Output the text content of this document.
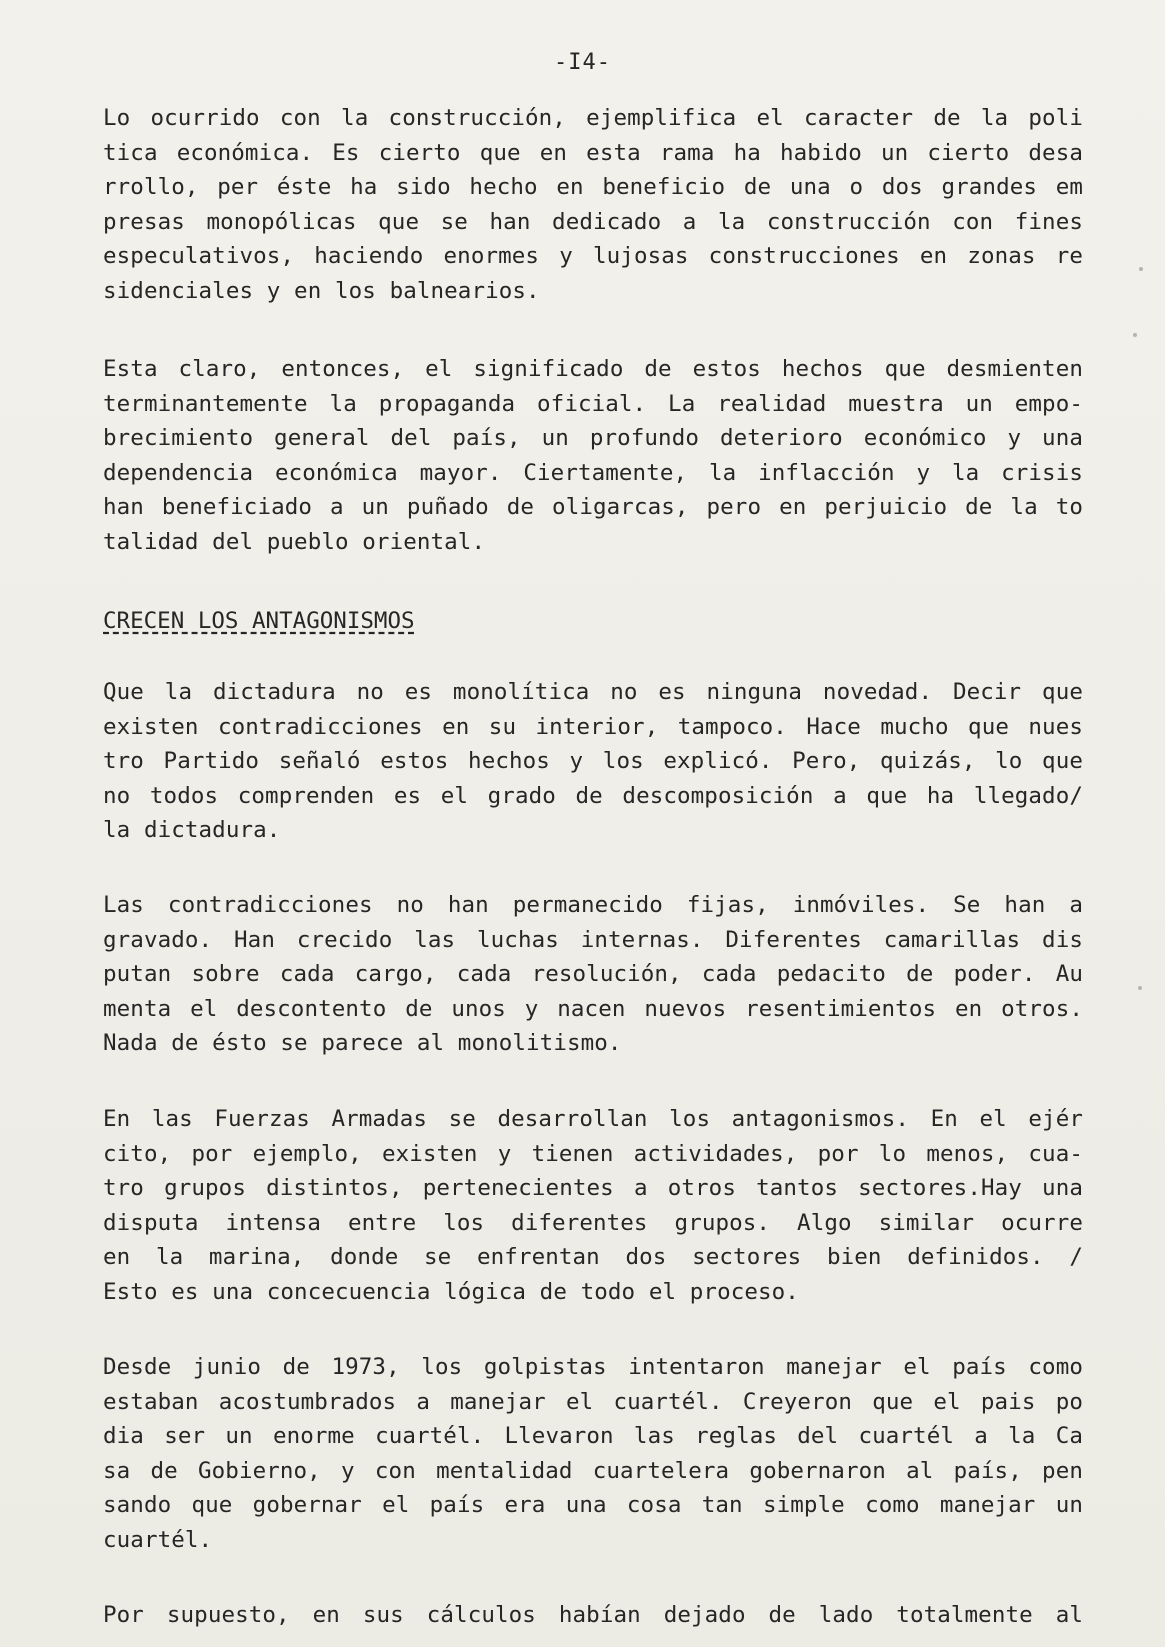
-I4-
Lo ocurrido con la construcción, ejemplifica el caracter de la poli
tica económica. Es cierto que en esta rama ha habido un cierto desa
rrollo, per éste ha sido hecho en beneficio de una o dos grandes em
presas monopólicas que se han dedicado a la construcción con fines
especulativos, haciendo enormes y lujosas construcciones en zonas re
sidenciales y en los balnearios.
Esta claro, entonces, el significado de estos hechos que desmienten
terminantemente la propaganda oficial. La realidad muestra un empo-
brecimiento general del país, un profundo deterioro económico y una
dependencia económica mayor. Ciertamente, la inflacción y la crisis
han beneficiado a un puñado de oligarcas, pero en perjuicio de la to
talidad del pueblo oriental.
CRECEN LOS ANTAGONISMOS
Que la dictadura no es monolítica no es ninguna novedad. Decir que
existen contradicciones en su interior, tampoco. Hace mucho que nues
tro Partido señaló estos hechos y los explicó. Pero, quizás, lo que
no todos comprenden es el grado de descomposición a que ha llegado/
la dictadura.
Las contradicciones no han permanecido fijas, inmóviles. Se han a
gravado. Han crecido las luchas internas. Diferentes camarillas dis
putan sobre cada cargo, cada resolución, cada pedacito de poder. Au
menta el descontento de unos y nacen nuevos resentimientos en otros.
Nada de ésto se parece al monolitismo.
En las Fuerzas Armadas se desarrollan los antagonismos. En el ejér
cito, por ejemplo, existen y tienen actividades, por lo menos, cua-
tro grupos distintos, pertenecientes a otros tantos sectores.Hay una
disputa intensa entre los diferentes grupos. Algo similar ocurre
en la marina, donde se enfrentan dos sectores bien definidos. /
Esto es una concecuencia lógica de todo el proceso.
Desde junio de 1973, los golpistas intentaron manejar el país como
estaban acostumbrados a manejar el cuartél. Creyeron que el pais po
dia ser un enorme cuartél. Llevaron las reglas del cuartél a la Ca
sa de Gobierno, y con mentalidad cuartelera gobernaron al país, pen
sando que gobernar el país era una cosa tan simple como manejar un
cuartél.
Por supuesto, en sus cálculos habían dejado de lado totalmente al
